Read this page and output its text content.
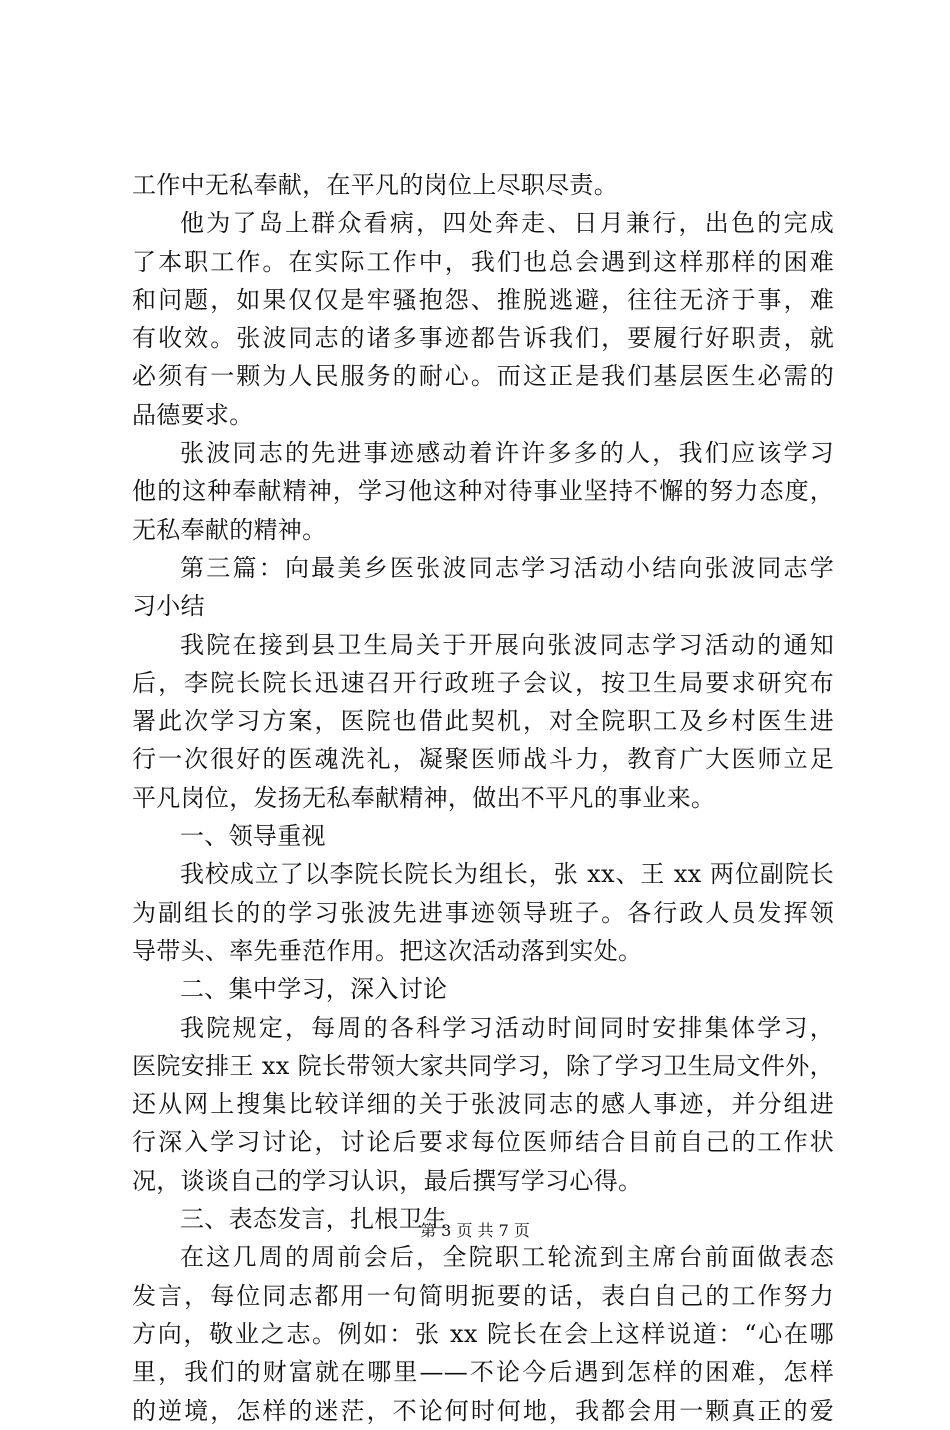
工作中无私奉献，在平凡的岗位上尽职尽责。
他为了岛上群众看病，四处奔走、日月兼行，出色的完成
了本职工作。在实际工作中，我们也总会遇到这样那样的困难
和问题，如果仅仅是牢骚抱怨、推脱逃避，往往无济于事，难
有收效。张波同志的诸多事迹都告诉我们，要履行好职责，就
必须有一颗为人民服务的耐心。而这正是我们基层医生必需的
品德要求。
张波同志的先进事迹感动着许许多多的人，我们应该学习
他的这种奉献精神，学习他这种对待事业坚持不懈的努力态度，
无私奉献的精神。
第三篇：向最美乡医张波同志学习活动小结向张波同志学
习小结
我院在接到县卫生局关于开展向张波同志学习活动的通知
后，李院长院长迅速召开行政班子会议，按卫生局要求研究布
署此次学习方案，医院也借此契机，对全院职工及乡村医生进
行一次很好的医魂洗礼，凝聚医师战斗力，教育广大医师立足
平凡岗位，发扬无私奉献精神，做出不平凡的事业来。
一、领导重视
我校成立了以李院长院长为组长，张 xx、王 xx 两位副院长
为副组长的的学习张波先进事迹领导班子。各行政人员发挥领
导带头、率先垂范作用。把这次活动落到实处。
二、集中学习，深入讨论
我院规定，每周的各科学习活动时间同时安排集体学习，
医院安排王 xx 院长带领大家共同学习，除了学习卫生局文件外，
还从网上搜集比较详细的关于张波同志的感人事迹，并分组进
行深入学习讨论，讨论后要求每位医师结合目前自己的工作状
况，谈谈自己的学习认识，最后撰写学习心得。
三、表态发言，扎根卫生
在这几周的周前会后，全院职工轮流到主席台前面做表态
发言，每位同志都用一句简明扼要的话，表白自己的工作努力
方向，敬业之志。例如：张 xx 院长在会上这样说道：“心在哪
里，我们的财富就在哪里——不论今后遇到怎样的困难，怎样
的逆境，怎样的迷茫，不论何时何地，我都会用一颗真正的爱
第 3 页 共 7 页
